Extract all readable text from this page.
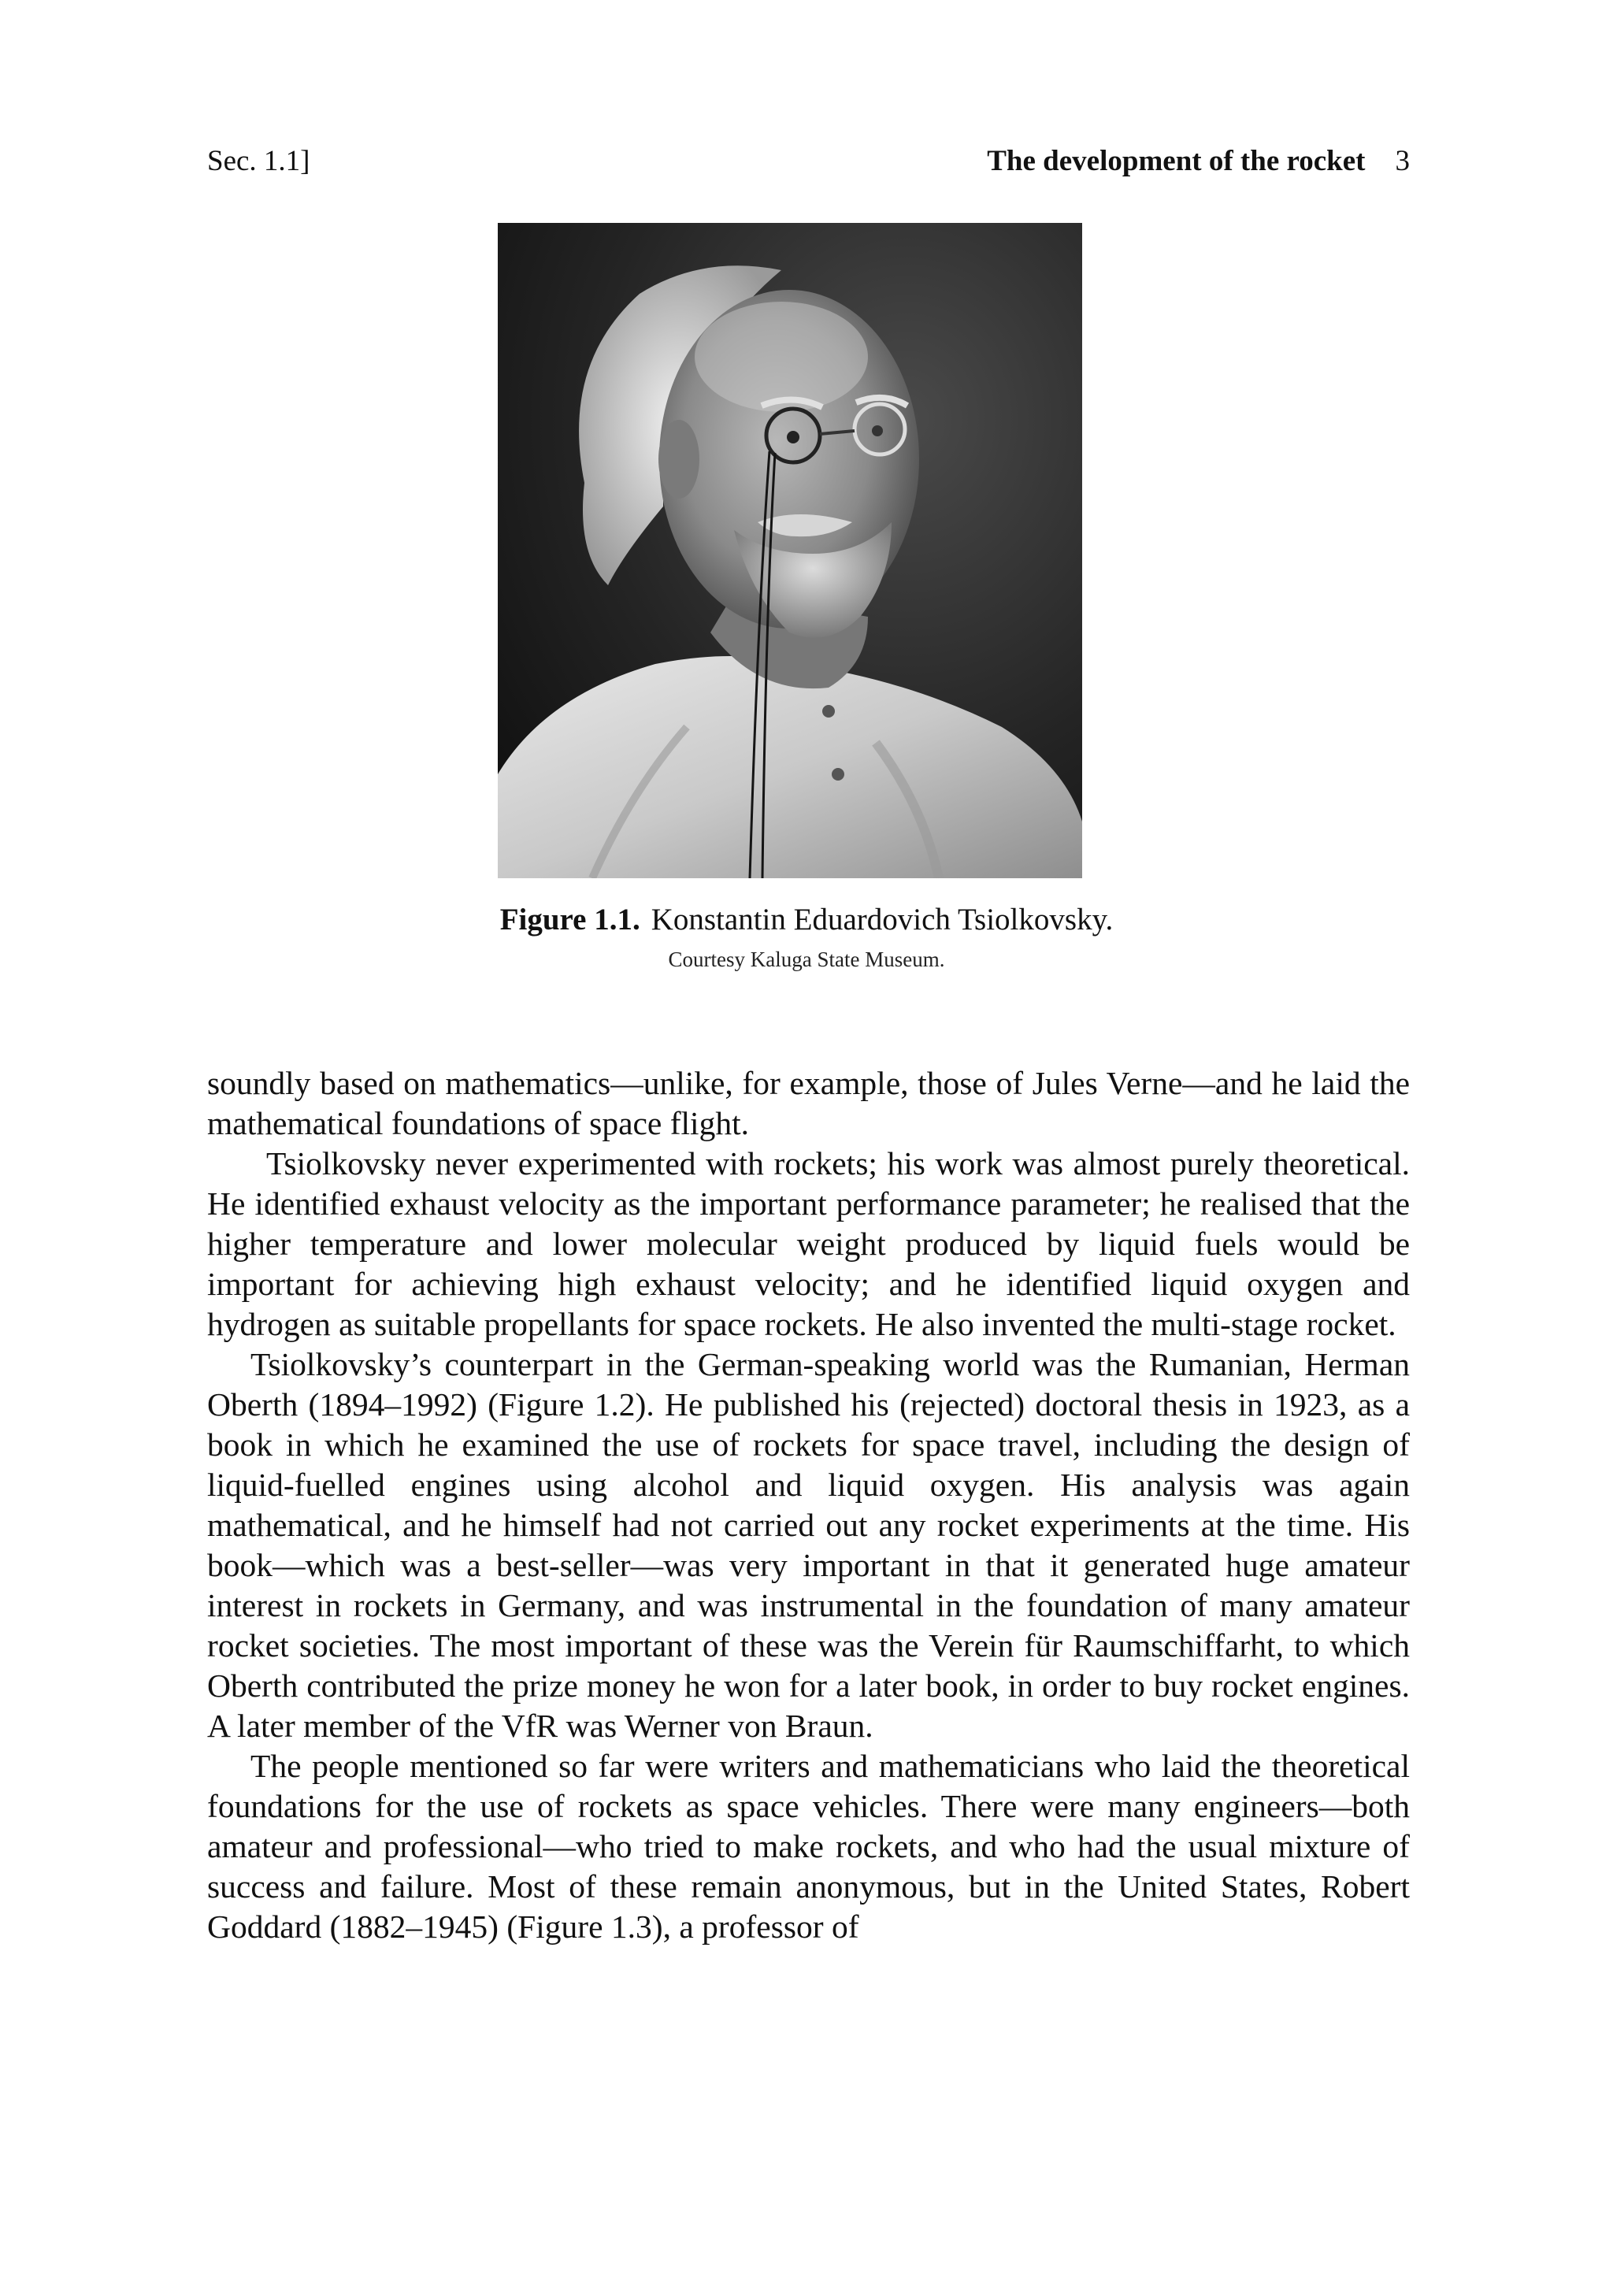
Sec. 1.1]	The development of the rocket 3
Figure 1.1. Konstantin Eduardovich Tsiolkovsky.
Courtesy Kaluga State Museum.

soundly based on mathematics—unlike, for example, those of Jules Verne—and he laid the mathematical foundations of space flight.

Tsiolkovsky never experimented with rockets; his work was almost purely theoretical. He identified exhaust velocity as the important performance parameter; he realised that the higher temperature and lower molecular weight produced by liquid fuels would be important for achieving high exhaust velocity; and he identified liquid oxygen and hydrogen as suitable propellants for space rockets. He also invented the multi-stage rocket.

Tsiolkovsky’s counterpart in the German-speaking world was the Rumanian, Herman Oberth (1894–1992) (Figure 1.2). He published his (rejected) doctoral thesis in 1923, as a book in which he examined the use of rockets for space travel, including the design of liquid-fuelled engines using alcohol and liquid oxygen. His analysis was again mathematical, and he himself had not carried out any rocket experiments at the time. His book—which was a best-seller—was very important in that it generated huge amateur interest in rockets in Germany, and was instrumental in the foundation of many amateur rocket societies. The most important of these was the Verein für Raumschiffarht, to which Oberth contributed the prize money he won for a later book, in order to buy rocket engines. A later member of the VfR was Werner von Braun.

The people mentioned so far were writers and mathematicians who laid the theoretical foundations for the use of rockets as space vehicles. There were many engineers—both amateur and professional—who tried to make rockets, and who had the usual mixture of success and failure. Most of these remain anonymous, but in the United States, Robert Goddard (1882–1945) (Figure 1.3), a professor of
